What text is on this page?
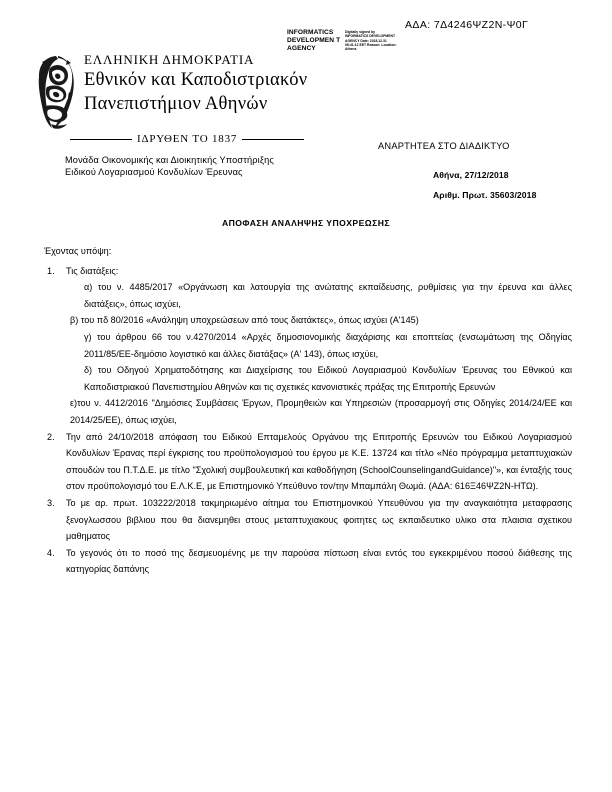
ΑΔΑ: 7Δ4246ΨΖ2Ν-Ψ0Γ
INFORMATICS DEVELOPMEN T AGENCY
Digitally signed by INFORMATICS DEVELOPMENT AGENCY Date: 2018.12.31 08:41:12 EET Reason: Location: Athens
ΕΛΛΗΝΙΚΗ ΔΗΜΟΚΡΑΤΙΑ
Εθνικόν και Καποδιστριακόν
Πανεπιστήμιον Αθηνών
ΙΔΡΥΘΕΝ ΤΟ 1837
Μονάδα Οικονομικής και Διοικητικής Υποστήριξης
Ειδικού Λογαριασμού Κονδυλίων Έρευνας
ΑΝΑΡΤΗΤΕΑ ΣΤΟ ΔΙΑΔΙΚΤΥΟ
Αθήνα, 27/12/2018
Αριθμ. Πρωτ. 35603/2018
ΑΠΟΦΑΣΗ ΑΝΑΛΗΨΗΣ ΥΠΟΧΡΕΩΣΗΣ

Έχοντας υπόψη:

Τις διατάξεις:
α) του ν. 4485/2017 «Οργάνωση και λατουργία της ανώτατης εκπαίδευσης, ρυθμίσεις για την έρευνα και άλλες διατάξεις», όπως ισχύει,
β) του πδ 80/2016 «Ανάληψη υποχρεώσεων από τους διατάκτες», όπως ισχύει (Α'145)
γ) του άρθρου 66 του ν.4270/2014 «Αρχές δημοσιονομικής διαχάρισης και εποπτείας (ενσωμάτωση της Οδηγίας 2011/85/ΕΕ-δημόσιο λογιστικό και άλλες διατάξας» (Α' 143), όπως ισχύει,
δ) του Οδηγού Χρηματοδότησης και Διαχείρισης του Ειδικού Λογαριασμού Κονδυλίων Έρευνας του Εθνικού και Καποδιστριακού Πανεπιστημίου Αθηνών και τις σχετικές κανονιστικές πράξας της Επιτροπής Ερευνών
ε)του ν. 4412/2016 "Δημόσιες Συμβάσεις Έργων, Προμηθειών και Υπηρεσιών (προσαρμογή στις Οδηγίες 2014/24/ΕΕ και 2014/25/ΕΕ), όπως ισχύει,
Την από 24/10/2018 απόφαση του Ειδικού Επταμελούς Οργάνου της Επιτροπής Ερευνών του Ειδικού Λογαριασμού Κονδυλίων Έρανας περί έγκρισης του προϋπολογισμού του έργου με Κ.Ε. 13724 και τίτλο «Νέο πρόγραμμα μεταπτυχιακών σπουδών του Π.Τ.Δ.Ε. με τίτλο "Σχολική συμβουλευτική και καθοδήγηση (SchoolCounselingandGuidance)"», και ένταξής τους στον προϋπολογισμό του Ε.Λ.Κ.Ε, με Επιστημονικό Υπεύθυνο τον/την Μπαμπάλη Θωμά. (ΑΔΑ: 616Ξ46ΨΖ2Ν-ΗΤΩ).
Το με αρ. πρωτ. 103222/2018 τακμηριωμένο αίτημα του Επιστημονικού Υπευθύνου για την αναγκαιότητα μεταφρασης ξενογλωσσου βιβλιου που θα διανεμηθει στους μεταπτυχιακους φοιτητες ως εκπαιδευτικο υλικο στα πλαισια σχετικου μαθηματος
Το γεγονός ότι το ποσό της δεσμευομένης με την παρούσα πίστωση είναι εντός του εγκεκριμένου ποσού διάθεσης της κατηγορίας δαπάνης
